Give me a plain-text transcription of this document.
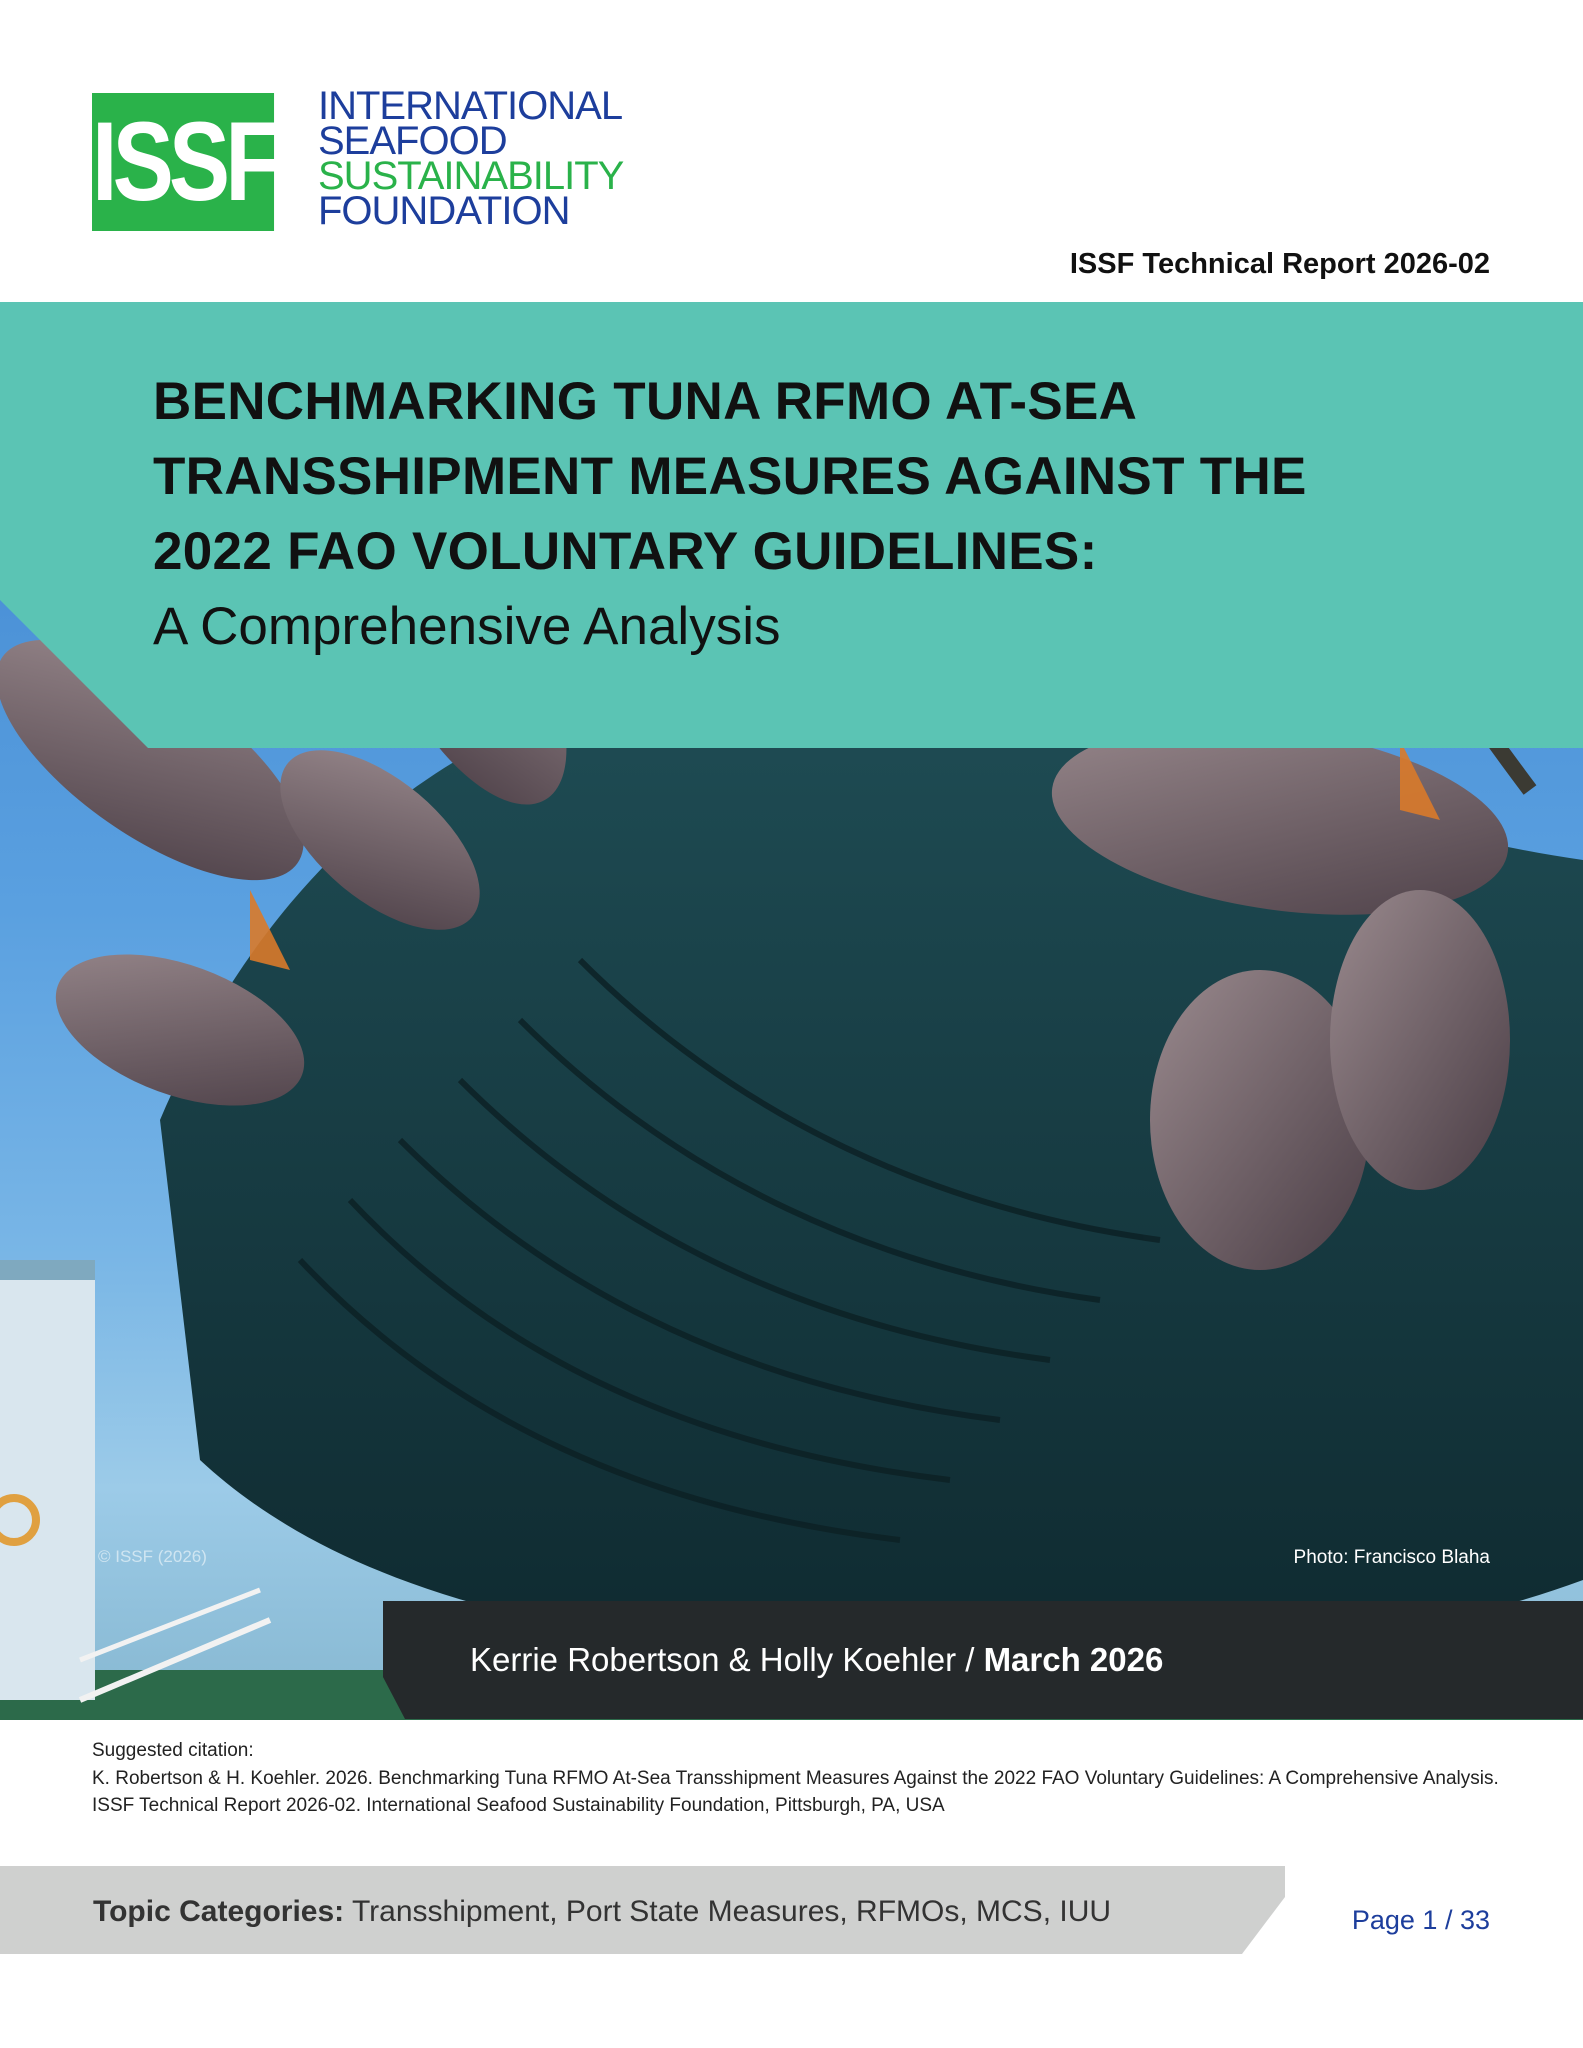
ISSF INTERNATIONAL
SEAFOOD
SUSTAINABILITY
FOUNDATION
ISSF Technical Report 2026-02

BENCHMARKING TUNA RFMO AT-SEA

TRANSSHIPMENT MEASURES AGAINST THE

2022 FAO VOLUNTARY GUIDELINES:

A Comprehensive Analysis

© ISSF (2026)	Photo: Francisco Blaha
Kerrie Robertson & Holly Koehler / March 2026
Suggested citation:
K. Robertson & H. Koehler. 2026. Benchmarking Tuna RFMO At-Sea Transshipment Measures Against the 2022 FAO Voluntary Guidelines: A Comprehensive Analysis. ISSF Technical Report 2026-02. International Seafood Sustainability Foundation, Pittsburgh, PA, USA
Topic Categories: Transshipment, Port State Measures, RFMOs, MCS, IUU	Page 1 / 33
